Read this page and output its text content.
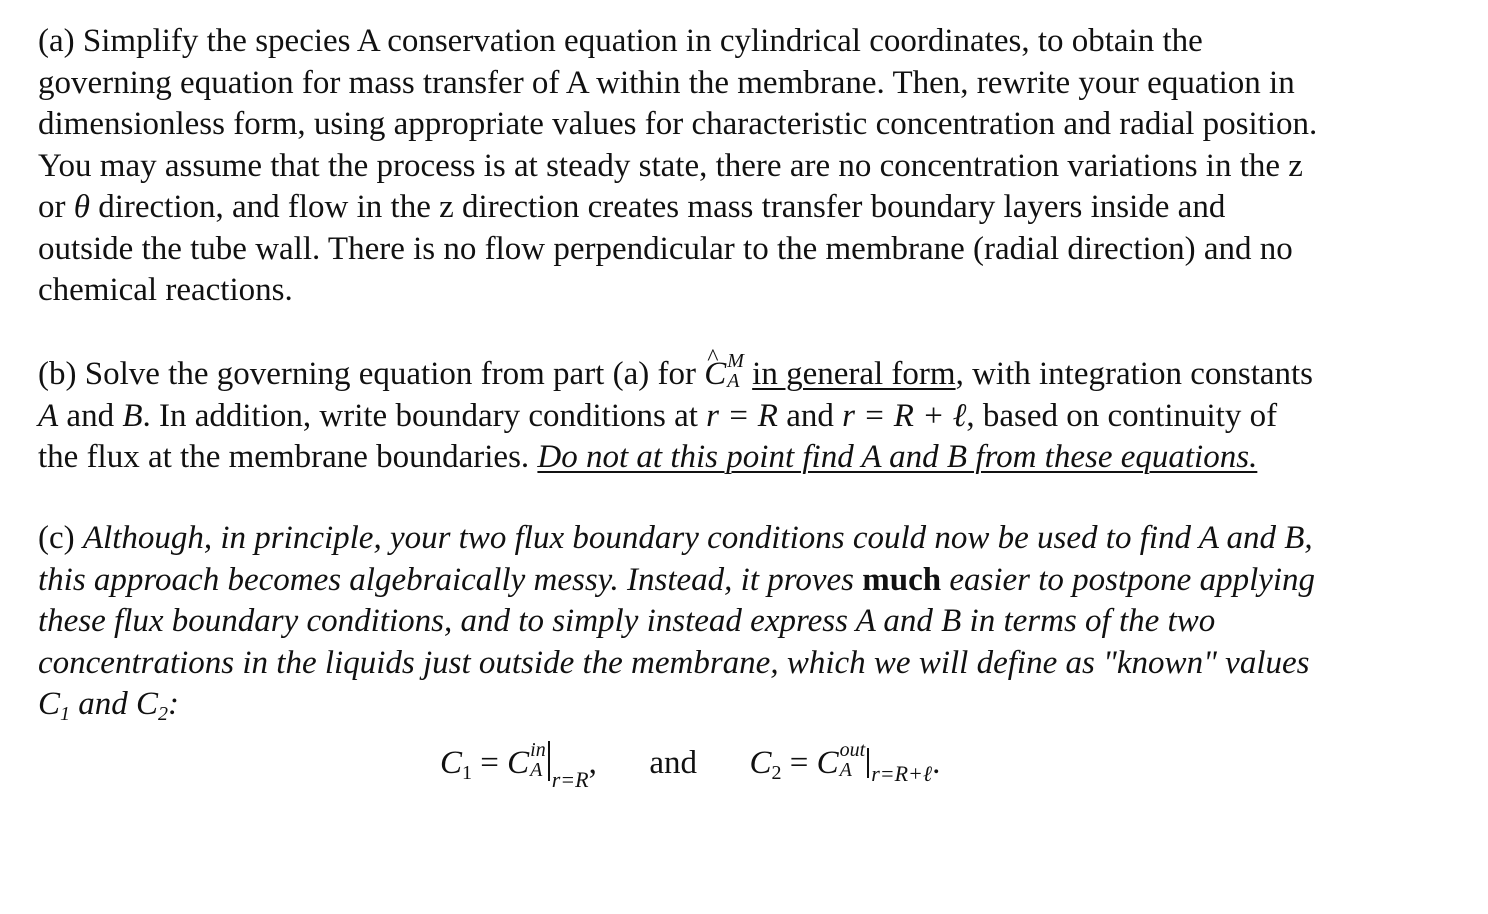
(a) Simplify the species A conservation equation in cylindrical coordinates, to obtain the
governing equation for mass transfer of A within the membrane. Then, rewrite your equation in
dimensionless form, using appropriate values for characteristic concentration and radial position.
You may assume that the process is at steady state, there are no concentration variations in the z
or θ direction, and flow in the z direction creates mass transfer boundary layers inside and
outside the tube wall. There is no flow perpendicular to the membrane (radial direction) and no
chemical reactions.
(b) Solve the governing equation from part (a) for ^ C M
A in general form, with integration constants
A and B. In addition, write boundary conditions at r = R and r = R + ℓ, based on continuity of
the flux at the membrane boundaries. Do not at this point find A and B from these equations.
(c) Although, in principle, your two flux boundary conditions could now be used to find A and B,
this approach becomes algebraically messy. Instead, it proves much easier to postpone applying
these flux boundary conditions, and to simply instead express A and B in terms of the two
concentrations in the liquids just outside the membrane, which we will define as "known" values
C1 and C2:
C1 = C in
A $_{r=R}$, and C2 = C out
A $_{r=R+\ell}$.
